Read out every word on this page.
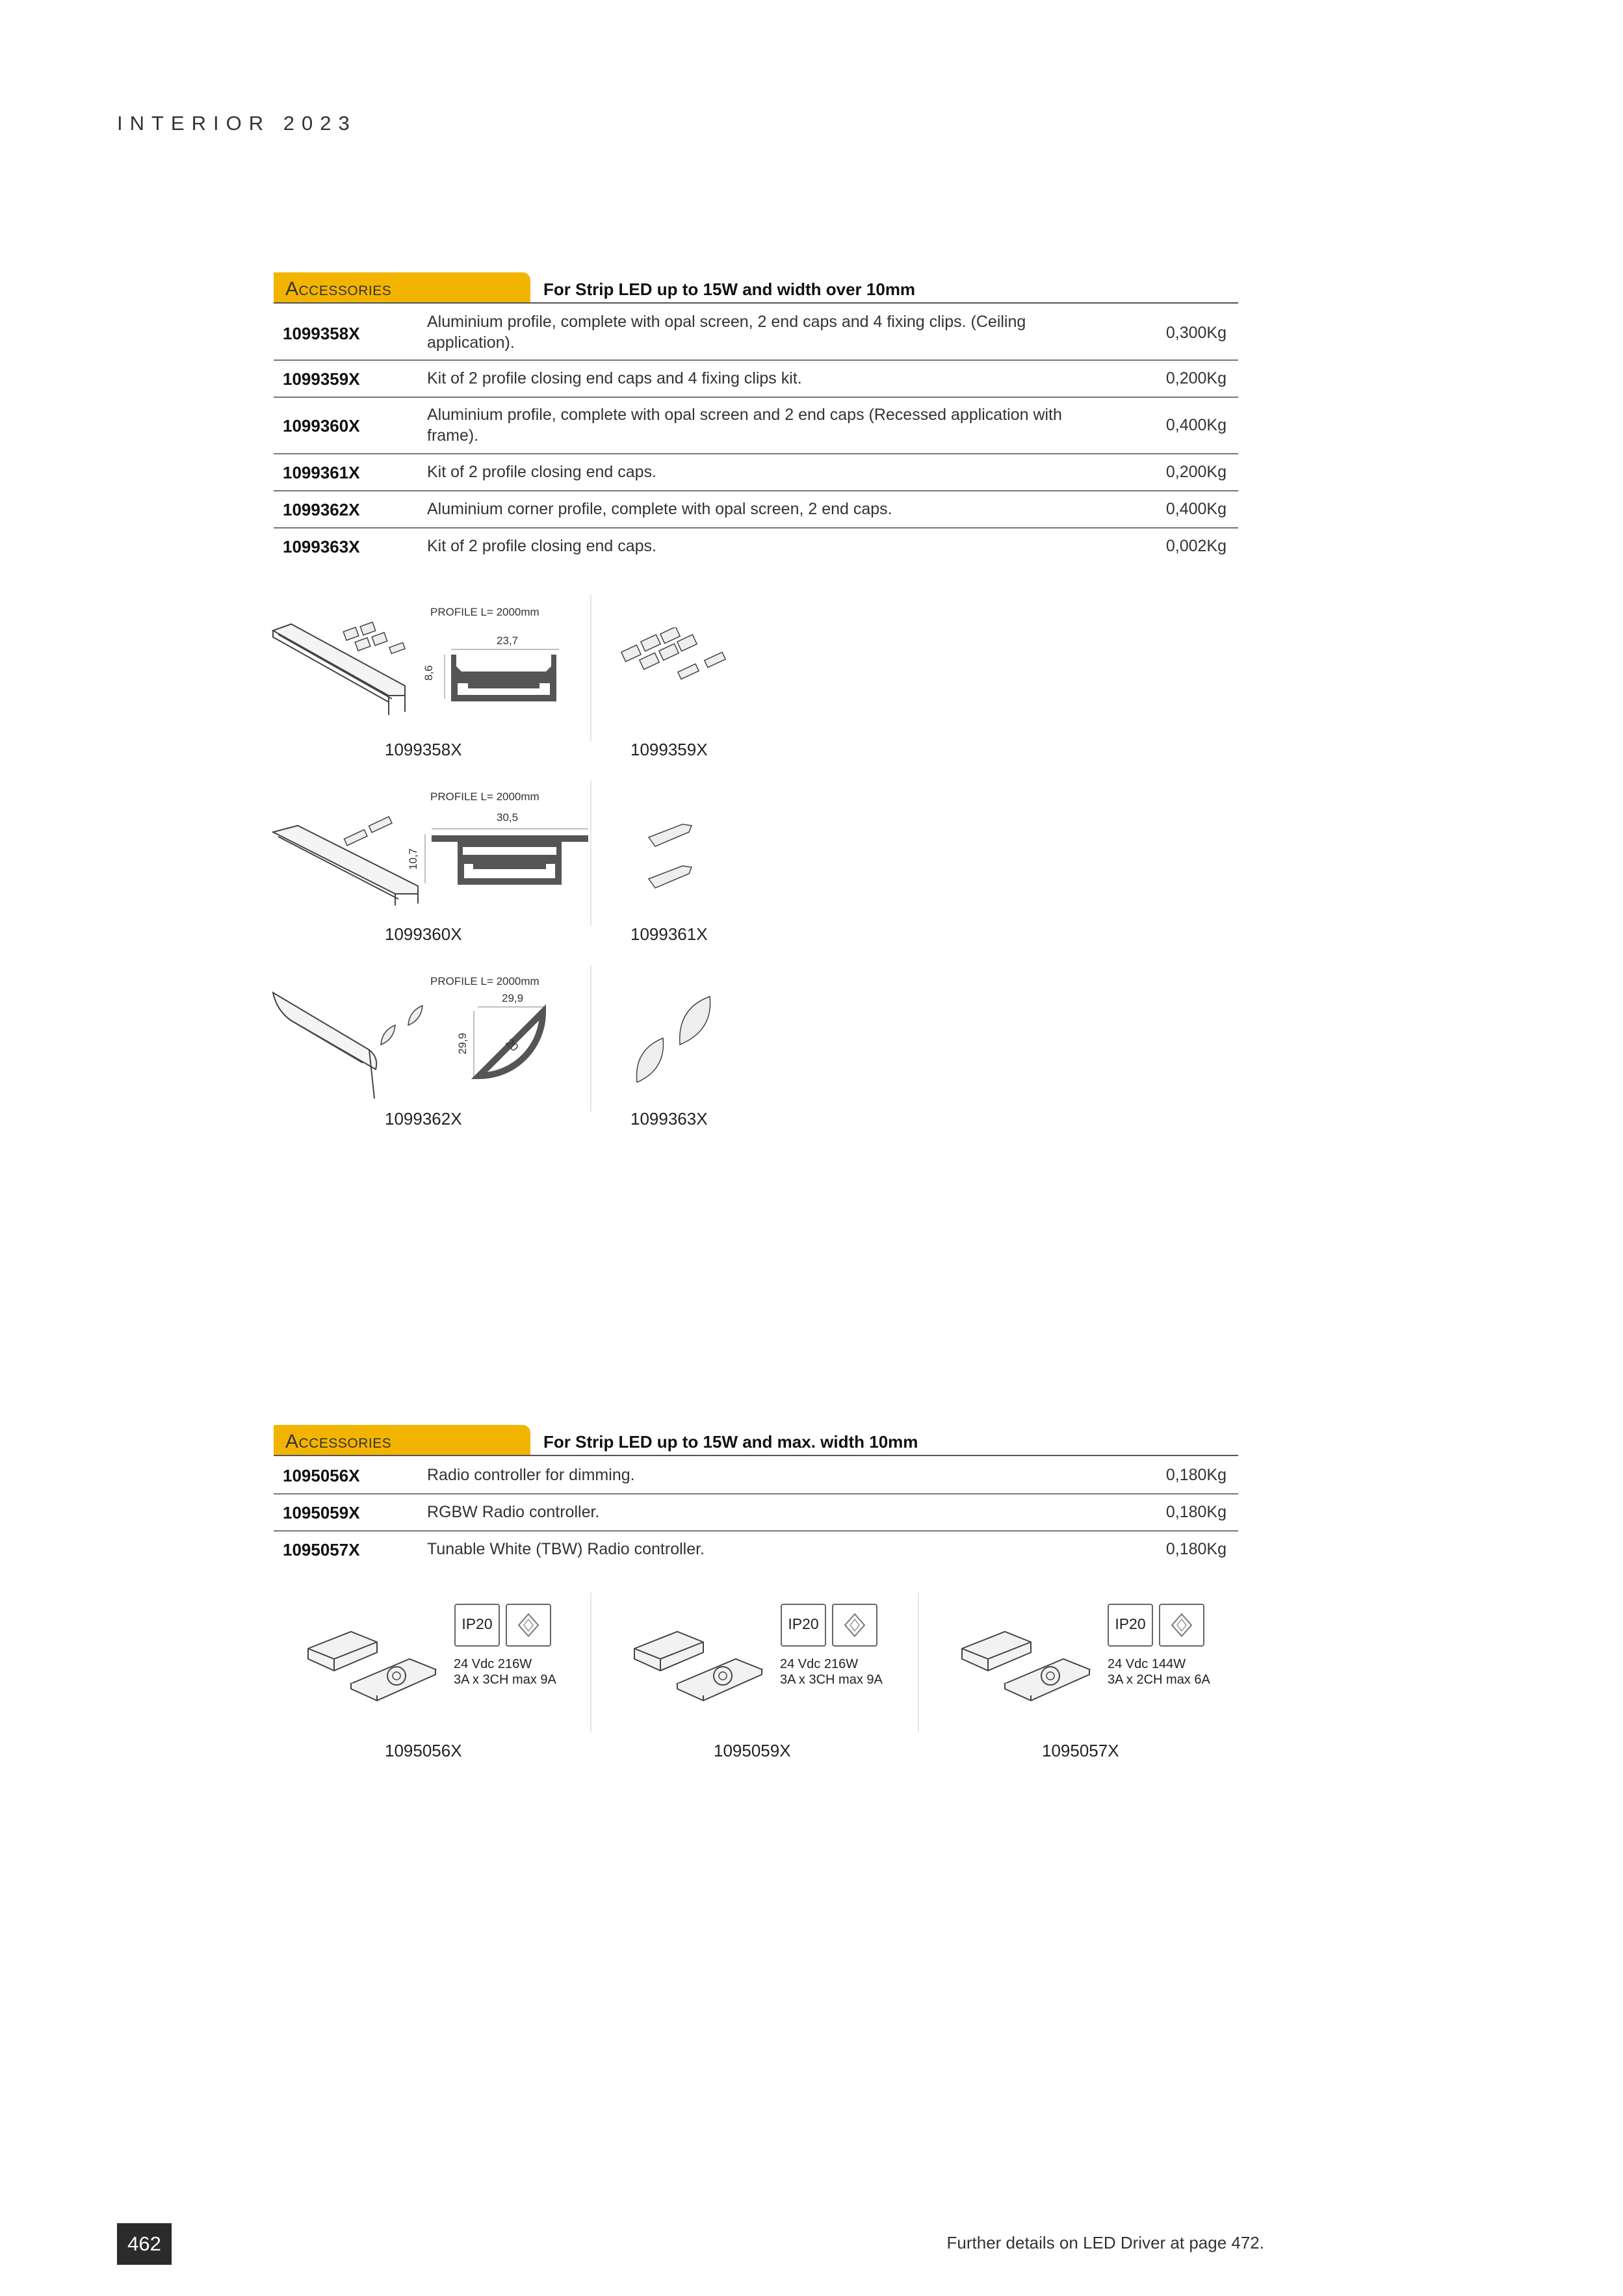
INTERIOR 2023
Accessories	For Strip LED up to 15W and width over 10mm
1099358X
Aluminium profile, complete with opal screen, 2 end caps and 4 fixing clips. (Ceiling application).
0,300Kg
1099359X	Kit of 2 profile closing end caps and 4 fixing clips kit.	0,200Kg
1099360X
Aluminium profile, complete with opal screen and 2 end caps (Recessed application with frame).
0,400Kg
1099361X	Kit of 2 profile closing end caps.	0,200Kg
1099362X	Aluminium corner profile, complete with opal screen, 2 end caps.	0,400Kg
1099363X	Kit of 2 profile closing end caps.	0,002Kg
PROFILE L= 2000mm
23,7
8,6
1099358X	1099359X
PROFILE L= 2000mm
30,5
10,7
1099360X	1099361X
PROFILE L= 2000mm
29,9
29,9	20
1099362X	1099363X
Accessories	For Strip LED up to 15W and max. width 10mm
1095056X	Radio controller for dimming.	0,180Kg
1095059X	RGBW Radio controller.	0,180Kg
1095057X	Tunable White (TBW) Radio controller.	0,180Kg
IP20
24 Vdc 216W
3A x 3CH max 9A
1095056X
IP20
24 Vdc 216W
3A x 3CH max 9A
1095059X
IP20
24 Vdc 144W
3A x 2CH max 6A
1095057X
462	Further details on LED Driver at page 472.
